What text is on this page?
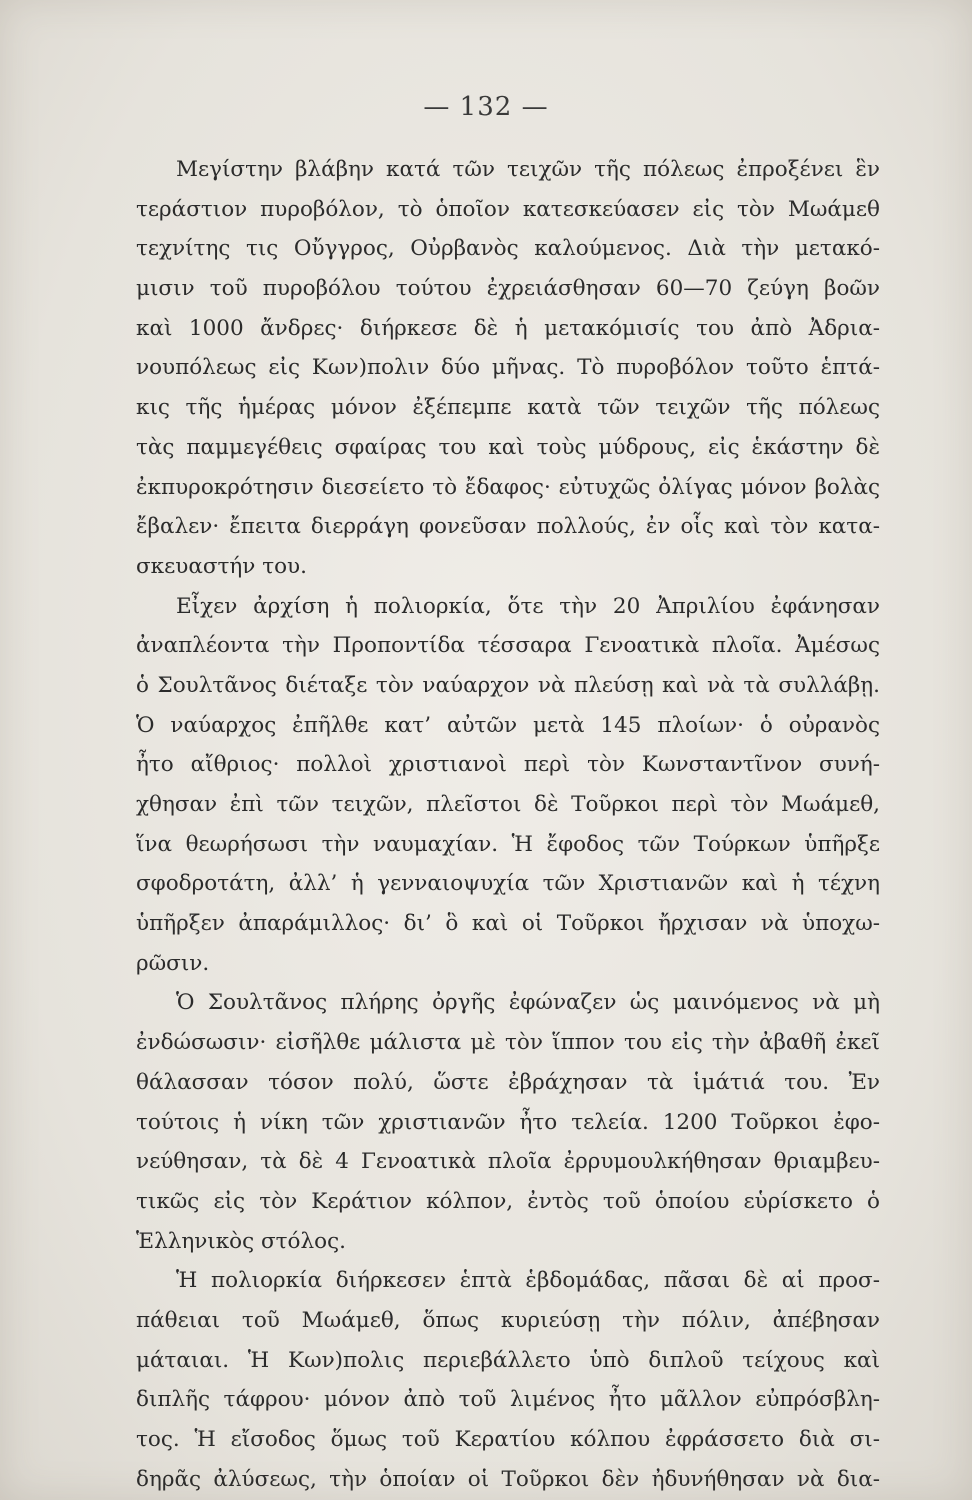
— 132 —
Μεγίστην βλάβην κατά τῶν τειχῶν τῆς πόλεως ἐπροξένει ἓν
τεράστιον πυροβόλον, τὸ ὁποῖον κατεσκεύασεν εἰς τὸν Μωάμεθ
τεχνίτης τις Οὔγγρος, Οὐρβανὸς καλούμενος. Διὰ τὴν μετακό-
μισιν τοῦ πυροβόλου τούτου ἐχρειάσθησαν 60—70 ζεύγη βοῶν
καὶ 1000 ἄνδρες· διήρκεσε δὲ ἡ μετακόμισίς του ἀπὸ Ἀδρια-
νουπόλεως εἰς Κων)πολιν δύο μῆνας. Τὸ πυροβόλον τοῦτο ἑπτά-
κις τῆς ἡμέρας μόνον ἐξέπεμπε κατὰ τῶν τειχῶν τῆς πόλεως
τὰς παμμεγέθεις σφαίρας του καὶ τοὺς μύδρους, εἰς ἑκάστην δὲ
ἐκπυροκρότησιν διεσείετο τὸ ἔδαφος· εὐτυχῶς ὀλίγας μόνον βολὰς
ἔβαλεν· ἔπειτα διερράγη φονεῦσαν πολλούς, ἐν οἷς καὶ τὸν κατα-
σκευαστήν του.
Εἶχεν ἀρχίση ἡ πολιορκία, ὅτε τὴν 20 Ἀπριλίου ἐφάνησαν
ἀναπλέοντα τὴν Προποντίδα τέσσαρα Γενοατικὰ πλοῖα. Ἀμέσως
ὁ Σουλτᾶνος διέταξε τὸν ναύαρχον νὰ πλεύσῃ καὶ νὰ τὰ συλλάβῃ.
Ὁ ναύαρχος ἐπῆλθε κατ’ αὐτῶν μετὰ 145 πλοίων· ὁ οὐρανὸς
ἦτο αἴθριος· πολλοὶ χριστιανοὶ περὶ τὸν Κωνσταντῖνον συνή-
χθησαν ἐπὶ τῶν τειχῶν, πλεῖστοι δὲ Τοῦρκοι περὶ τὸν Μωάμεθ,
ἵνα θεωρήσωσι τὴν ναυμαχίαν. Ἡ ἔφοδος τῶν Τούρκων ὑπῆρξε
σφοδροτάτη, ἀλλ’ ἡ γενναιοψυχία τῶν Χριστιανῶν καὶ ἡ τέχνη
ὑπῆρξεν ἀπαράμιλλος· δι’ ὃ καὶ οἱ Τοῦρκοι ἤρχισαν νὰ ὑποχω-
ρῶσιν.
Ὁ Σουλτᾶνος πλήρης ὀργῆς ἐφώναζεν ὡς μαινόμενος νὰ μὴ
ἐνδώσωσιν· εἰσῆλθε μάλιστα μὲ τὸν ἵππον του εἰς τὴν ἀβαθῆ ἐκεῖ
θάλασσαν τόσον πολύ, ὥστε ἐβράχησαν τὰ ἱμάτιά του. Ἐν
τούτοις ἡ νίκη τῶν χριστιανῶν ἦτο τελεία. 1200 Τοῦρκοι ἐφο-
νεύθησαν, τὰ δὲ 4 Γενοατικὰ πλοῖα ἐρρυμουλκήθησαν θριαμβευ-
τικῶς εἰς τὸν Κεράτιον κόλπον, ἐντὸς τοῦ ὁποίου εὑρίσκετο ὁ
Ἑλληνικὸς στόλος.
Ἡ πολιορκία διήρκεσεν ἑπτὰ ἑβδομάδας, πᾶσαι δὲ αἱ προσ-
πάθειαι τοῦ Μωάμεθ, ὅπως κυριεύσῃ τὴν πόλιν, ἀπέβησαν
μάταιαι. Ἡ Κων)πολις περιεβάλλετο ὑπὸ διπλοῦ τείχους καὶ
διπλῆς τάφρου· μόνον ἀπὸ τοῦ λιμένος ἦτο μᾶλλον εὐπρόσβλη-
τος. Ἡ εἴσοδος ὅμως τοῦ Κερατίου κόλπου ἐφράσσετο διὰ σι-
δηρᾶς ἀλύσεως, τὴν ὁποίαν οἱ Τοῦρκοι δὲν ἠδυνήθησαν νὰ δια-
